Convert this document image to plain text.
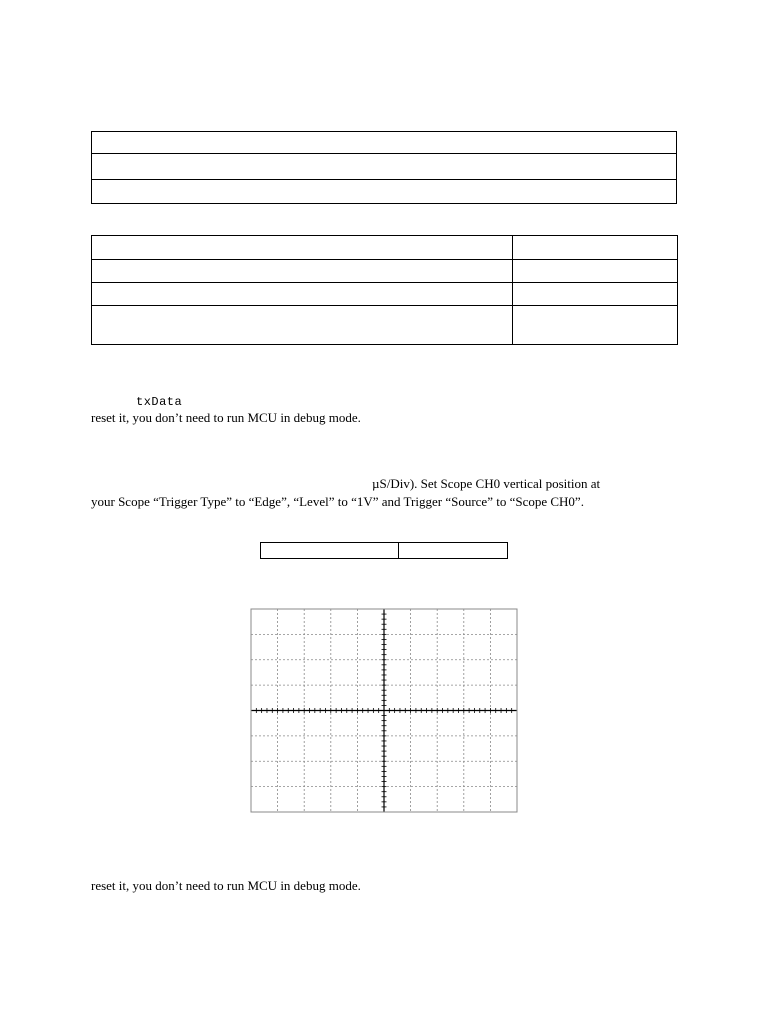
txData
reset it, you don’t need to run MCU in debug mode.
µS/Div). Set Scope CH0 vertical position at
your Scope “Trigger Type” to “Edge”, “Level” to “1V” and Trigger “Source” to “Scope CH0”.

reset it, you don’t need to run MCU in debug mode.
